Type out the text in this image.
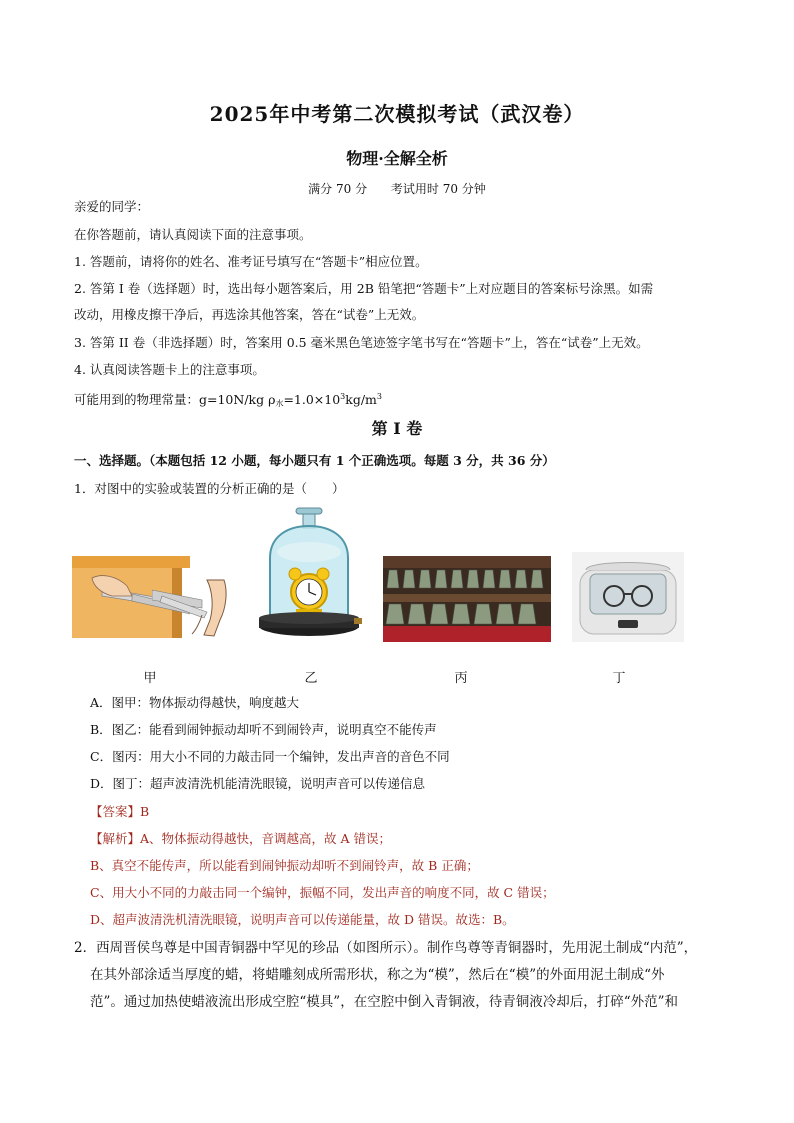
2025年中考第二次模拟考试（武汉卷）
物理·全解全析
满分 70 分 考试用时 70 分钟
亲爱的同学：
在你答题前，请认真阅读下面的注意事项。
1. 答题前，请将你的姓名、准考证号填写在“答题卡”相应位置。
2. 答第 I 卷（选择题）时，选出每小题答案后，用 2B 铅笔把“答题卡”上对应题目的答案标号涂黑。如需
改动，用橡皮擦干净后，再选涂其他答案，答在“试卷”上无效。
3. 答第 II 卷（非选择题）时，答案用 0.5 毫米黑色笔迹签字笔书写在“答题卡”上，答在“试卷”上无效。
4. 认真阅读答题卡上的注意事项。
可能用到的物理常量：g=10N/kg $\rho_水=1.0\times 10^3kg/m^3$
第 I 卷
一、选择题。（本题包括 12 小题，每小题只有 1 个正确选项。每题 3 分，共 36 分）
1．对图中的实验或装置的分析正确的是（　　）
甲	乙	丙	丁
A．图甲：物体振动得越快，响度越大
B．图乙：能看到闹钟振动却听不到闹铃声，说明真空不能传声
C．图丙：用大小不同的力敲击同一个编钟，发出声音的音色不同
D．图丁：超声波清洗机能清洗眼镜，说明声音可以传递信息
【答案】B
【解析】A、物体振动得越快，音调越高，故 A 错误；
B、真空不能传声，所以能看到闹钟振动却听不到闹铃声，故 B 正确；
C、用大小不同的力敲击同一个编钟，振幅不同，发出声音的响度不同，故 C 错误；
D、超声波清洗机清洗眼镜，说明声音可以传递能量，故 D 错误。故选：B。
2．西周晋侯鸟尊是中国青铜器中罕见的珍品（如图所示）。制作鸟尊等青铜器时，先用泥土制成“内范”，
在其外部涂适当厚度的蜡，将蜡雕刻成所需形状，称之为“模”，然后在“模”的外面用泥土制成“外
范”。通过加热使蜡液流出形成空腔“模具”，在空腔中倒入青铜液，待青铜液冷却后，打碎“外范”和
